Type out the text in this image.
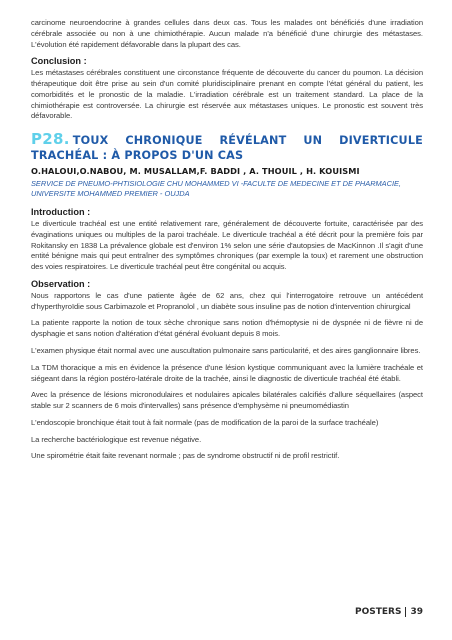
carcinome neuroendocrine à grandes cellules dans deux cas. Tous les malades ont bénéficiés d'une irradiation cérébrale associée ou non à une chimiothérapie. Aucun malade n'a bénéficié d'une chirurgie des métastases. L'évolution été rapidement défavorable dans la plupart des cas.

Conclusion :

Les métastases cérébrales constituent une circonstance fréquente de découverte du cancer du poumon. La décision thérapeutique doit être prise au sein d'un comité pluridisciplinaire prenant en compte l'état général du patient, les comorbidités et le pronostic de la maladie. L'irradiation cérébrale est un traitement standard. La place de la chimiothérapie est controversée. La chirurgie est réservée aux métastases uniques. Le pronostic est souvent très défavorable.

P28. TOUX CHRONIQUE RÉVÉLANT UN DIVERTICULE TRACHÉAL : À PROPOS D'UN CAS

O.HALOUI,O.NABOU, M. MUSALLAM,F. BADDI , A. THOUIL , H. KOUISMI
SERVICE DE PNEUMO-PHTISIOLOGIE CHU MOHAMMED VI -FACULTE DE MEDECINE ET DE PHARMACIE, UNIVERSITE MOHAMMED PREMIER - OUJDA
Introduction :

Le diverticule trachéal est une entité relativement rare, généralement de découverte fortuite, caractérisée par des évaginations uniques ou multiples de la paroi trachéale. Le diverticule trachéal a été décrit pour la première fois par Rokitansky en 1838 La prévalence globale est d'environ 1% selon une série d'autopsies de MacKinnon .Il s'agit d'une entité bénigne mais qui peut entraîner des symptômes chroniques (par exemple la toux) et rarement une obstruction des voies respiratoires. Le diverticule trachéal peut être congénital ou acquis.

Observation :

Nous rapportons le cas d'une patiente âgée de 62 ans, chez qui l'interrogatoire retrouve un antécédent d'hyperthyroïdie sous Carbimazole et Propranolol , un diabète sous insuline pas de notion d'intervention chirurgical

La patiente rapporte la notion de toux sèche chronique sans notion d'hémoptysie ni de dyspnée ni de fièvre ni de dysphagie et sans notion d'altération d'état général évoluant depuis 8 mois.

L'examen physique était normal avec une auscultation pulmonaire sans particularité, et des aires ganglionnaire libres.

La TDM thoracique a mis en évidence la présence d'une lésion kystique communiquant avec la lumière trachéale et siégeant dans la région postéro-latérale droite de la trachée, ainsi le diagnostic de diverticule trachéal été établi.

Avec la présence de lésions micronodulaires et nodulaires apicales bilatérales calcifiés d'allure séquellaires (aspect stable sur 2 scanners de 6 mois d'intervalles) sans présence d'emphysème ni pneumomédiastin

L'endoscopie bronchique était tout à fait normale (pas de modification de la paroi de la surface trachéale)

La recherche bactériologique est revenue négative.

Une spirométrie était faite revenant normale ; pas de syndrome obstructif ni de profil restrictif.

POSTERS 39
